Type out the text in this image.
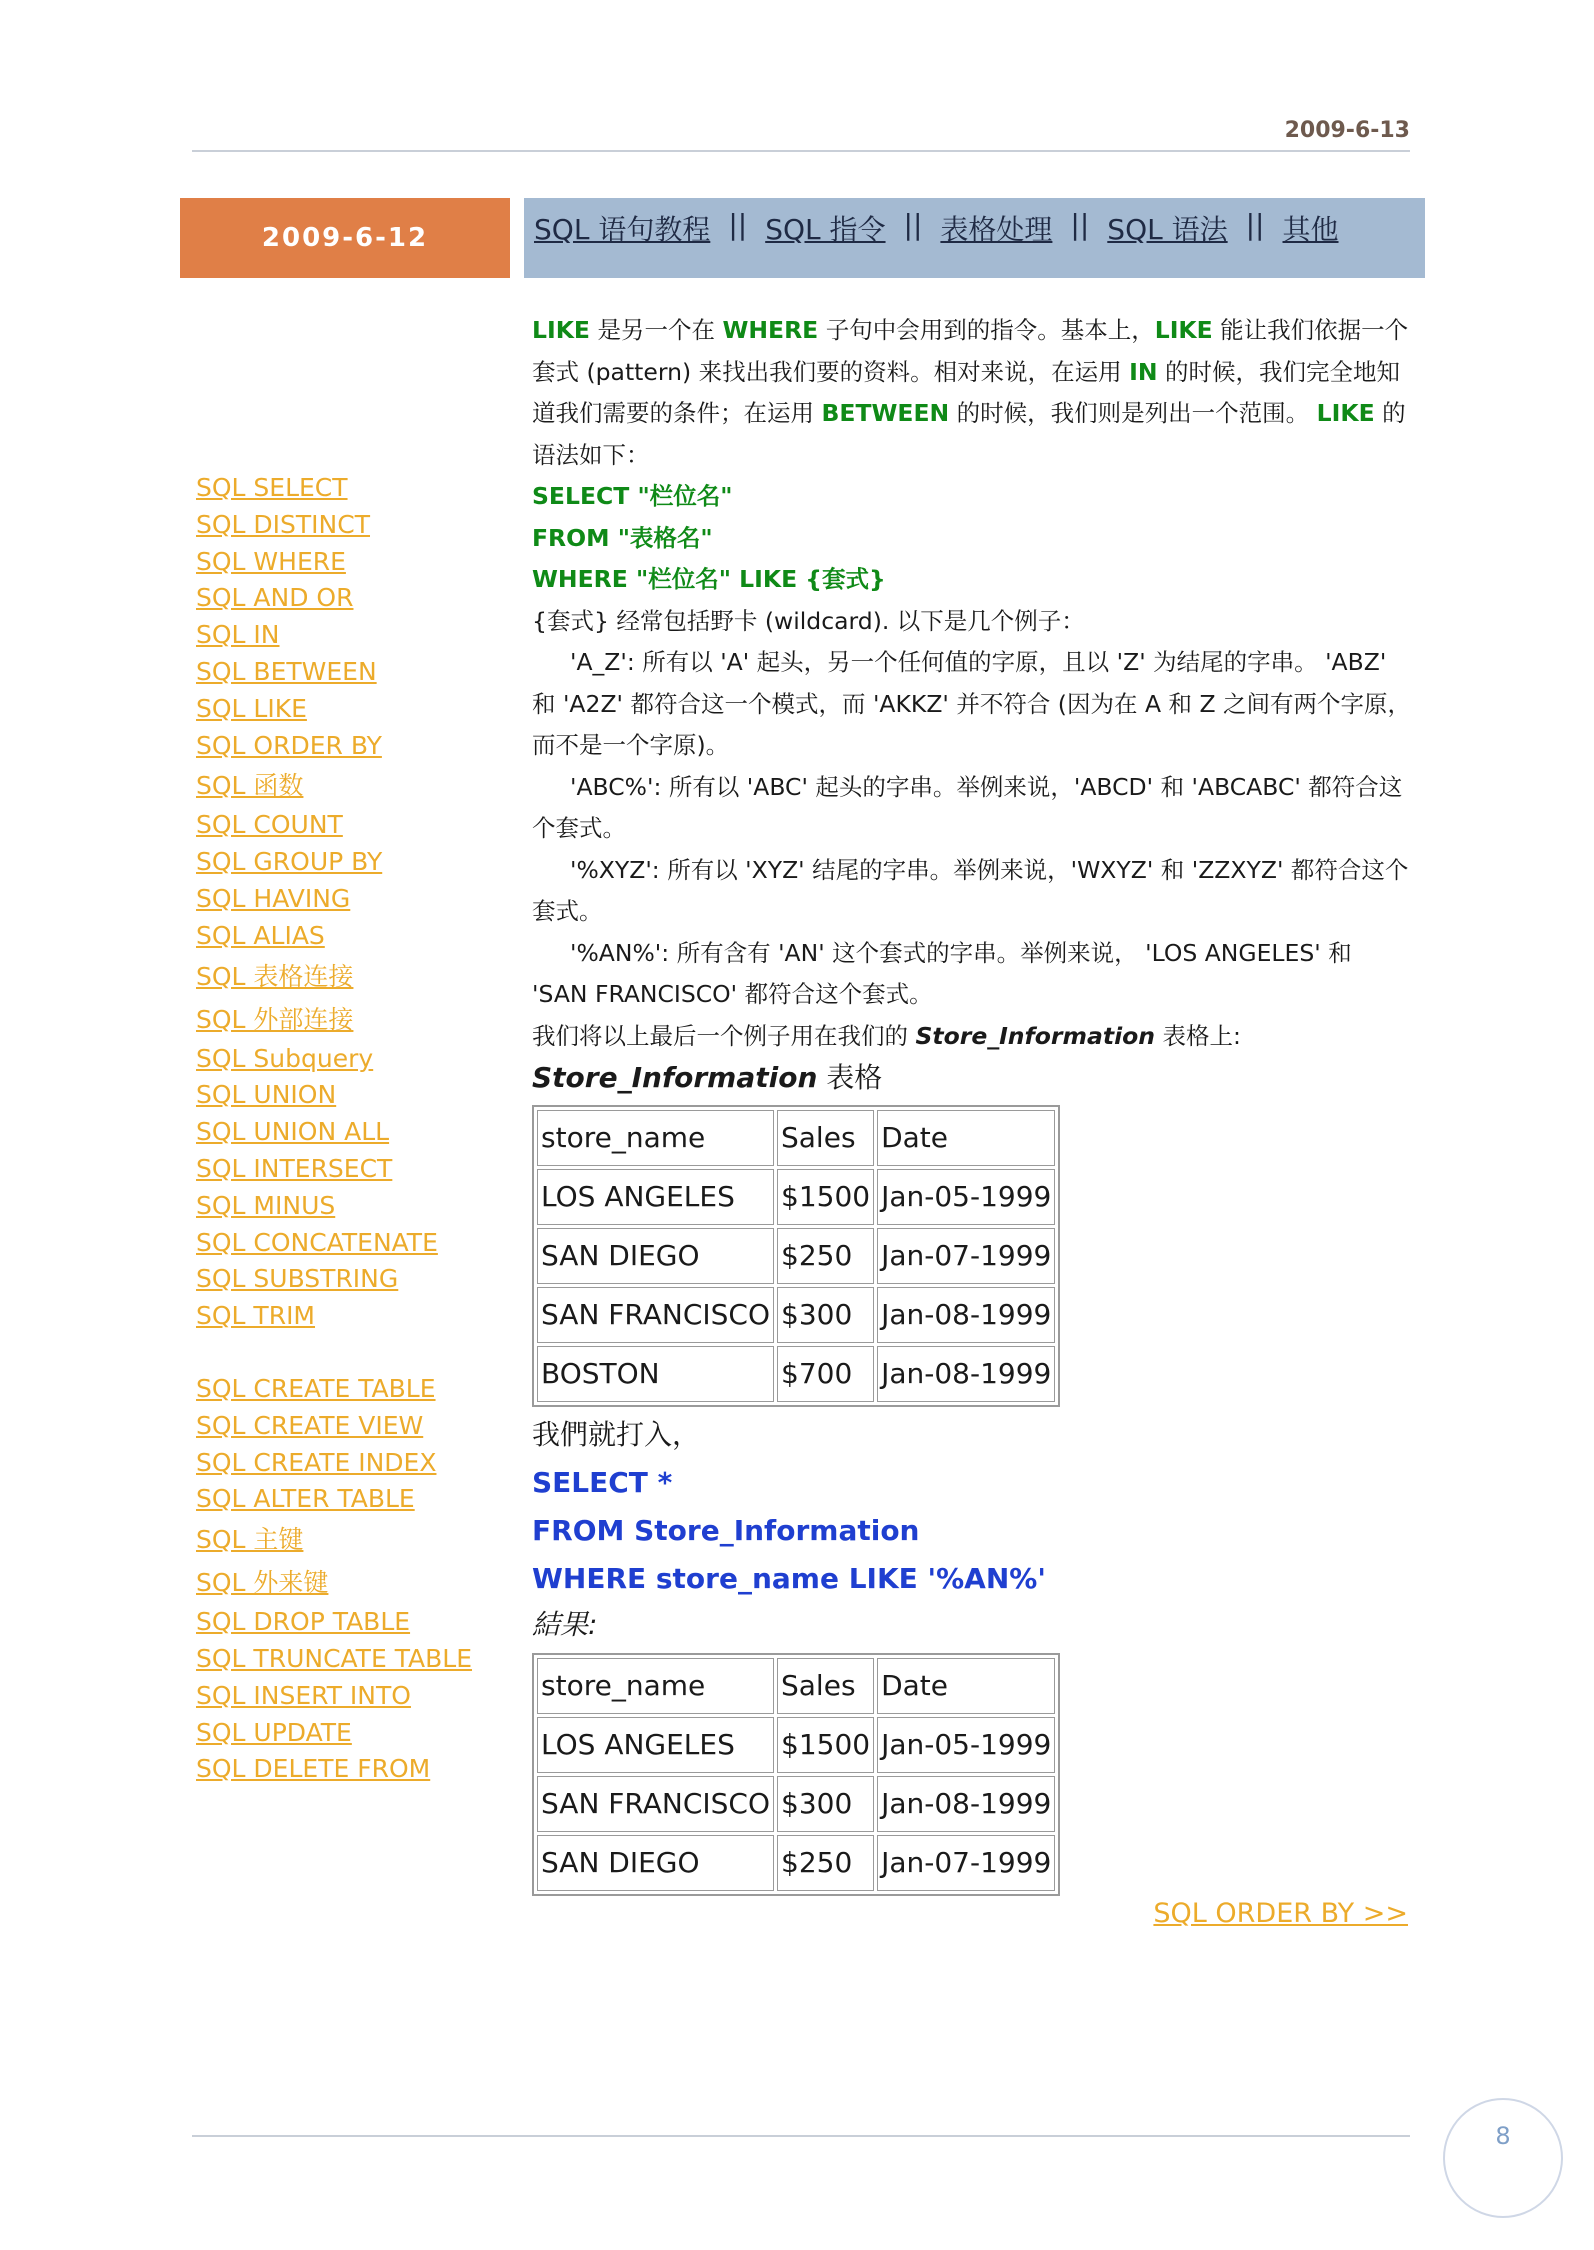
2009-6-13
2009-6-12	SQL 语句教程 || SQL 指令 || 表格处理 || SQL 语法 || 其他
SQL SELECT
SQL DISTINCT
SQL WHERE
SQL AND OR
SQL IN
SQL BETWEEN
SQL LIKE
SQL ORDER BY
SQL 函数
SQL COUNT
SQL GROUP BY
SQL HAVING
SQL ALIAS
SQL 表格连接
SQL 外部连接
SQL Subquery
SQL UNION
SQL UNION ALL
SQL INTERSECT
SQL MINUS
SQL CONCATENATE
SQL SUBSTRING
SQL TRIM
SQL CREATE TABLE
SQL CREATE VIEW
SQL CREATE INDEX
SQL ALTER TABLE
SQL 主键
SQL 外来键
SQL DROP TABLE
SQL TRUNCATE TABLE
SQL INSERT INTO
SQL UPDATE
SQL DELETE FROM

LIKE 是另一个在 WHERE 子句中会用到的指令。基本上，LIKE 能让我们依据一个套式 (pattern) 来找出我们要的资料。相对来说，在运用 IN 的时候，我们完全地知道我们需要的条件；在运用 BETWEEN 的时候，我们则是列出一个范围。 LIKE 的语法如下：

SELECT "栏位名"

FROM "表格名"

WHERE "栏位名" LIKE {套式}

{套式} 经常包括野卡 (wildcard). 以下是几个例子：

'A_Z': 所有以 'A' 起头，另一个任何值的字原，且以 'Z' 为结尾的字串。 'ABZ' 和 'A2Z' 都符合这一个模式，而 'AKKZ' 并不符合 (因为在 A 和 Z 之间有两个字原，而不是一个字原)。

'ABC%': 所有以 'ABC' 起头的字串。举例来说，'ABCD' 和 'ABCABC' 都符合这个套式。

'%XYZ': 所有以 'XYZ' 结尾的字串。举例来说，'WXYZ' 和 'ZZXYZ' 都符合这个套式。

'%AN%': 所有含有 'AN' 这个套式的字串。举例来说， 'LOS ANGELES' 和 'SAN FRANCISCO' 都符合这个套式。

我们将以上最后一个例子用在我们的 Store_Information 表格上:

Store_Information 表格

store_name	Sales	Date
LOS ANGELES	$1500	Jan-05-1999
SAN DIEGO	$250	Jan-07-1999
SAN FRANCISCO	$300	Jan-08-1999
BOSTON	$700	Jan-08-1999

我們就打入，

SELECT *

FROM Store_Information

WHERE store_name LIKE '%AN%'

結果:

store_name	Sales	Date
LOS ANGELES	$1500	Jan-05-1999
SAN FRANCISCO	$300	Jan-08-1999
SAN DIEGO	$250	Jan-07-1999
SQL ORDER BY >>
8
